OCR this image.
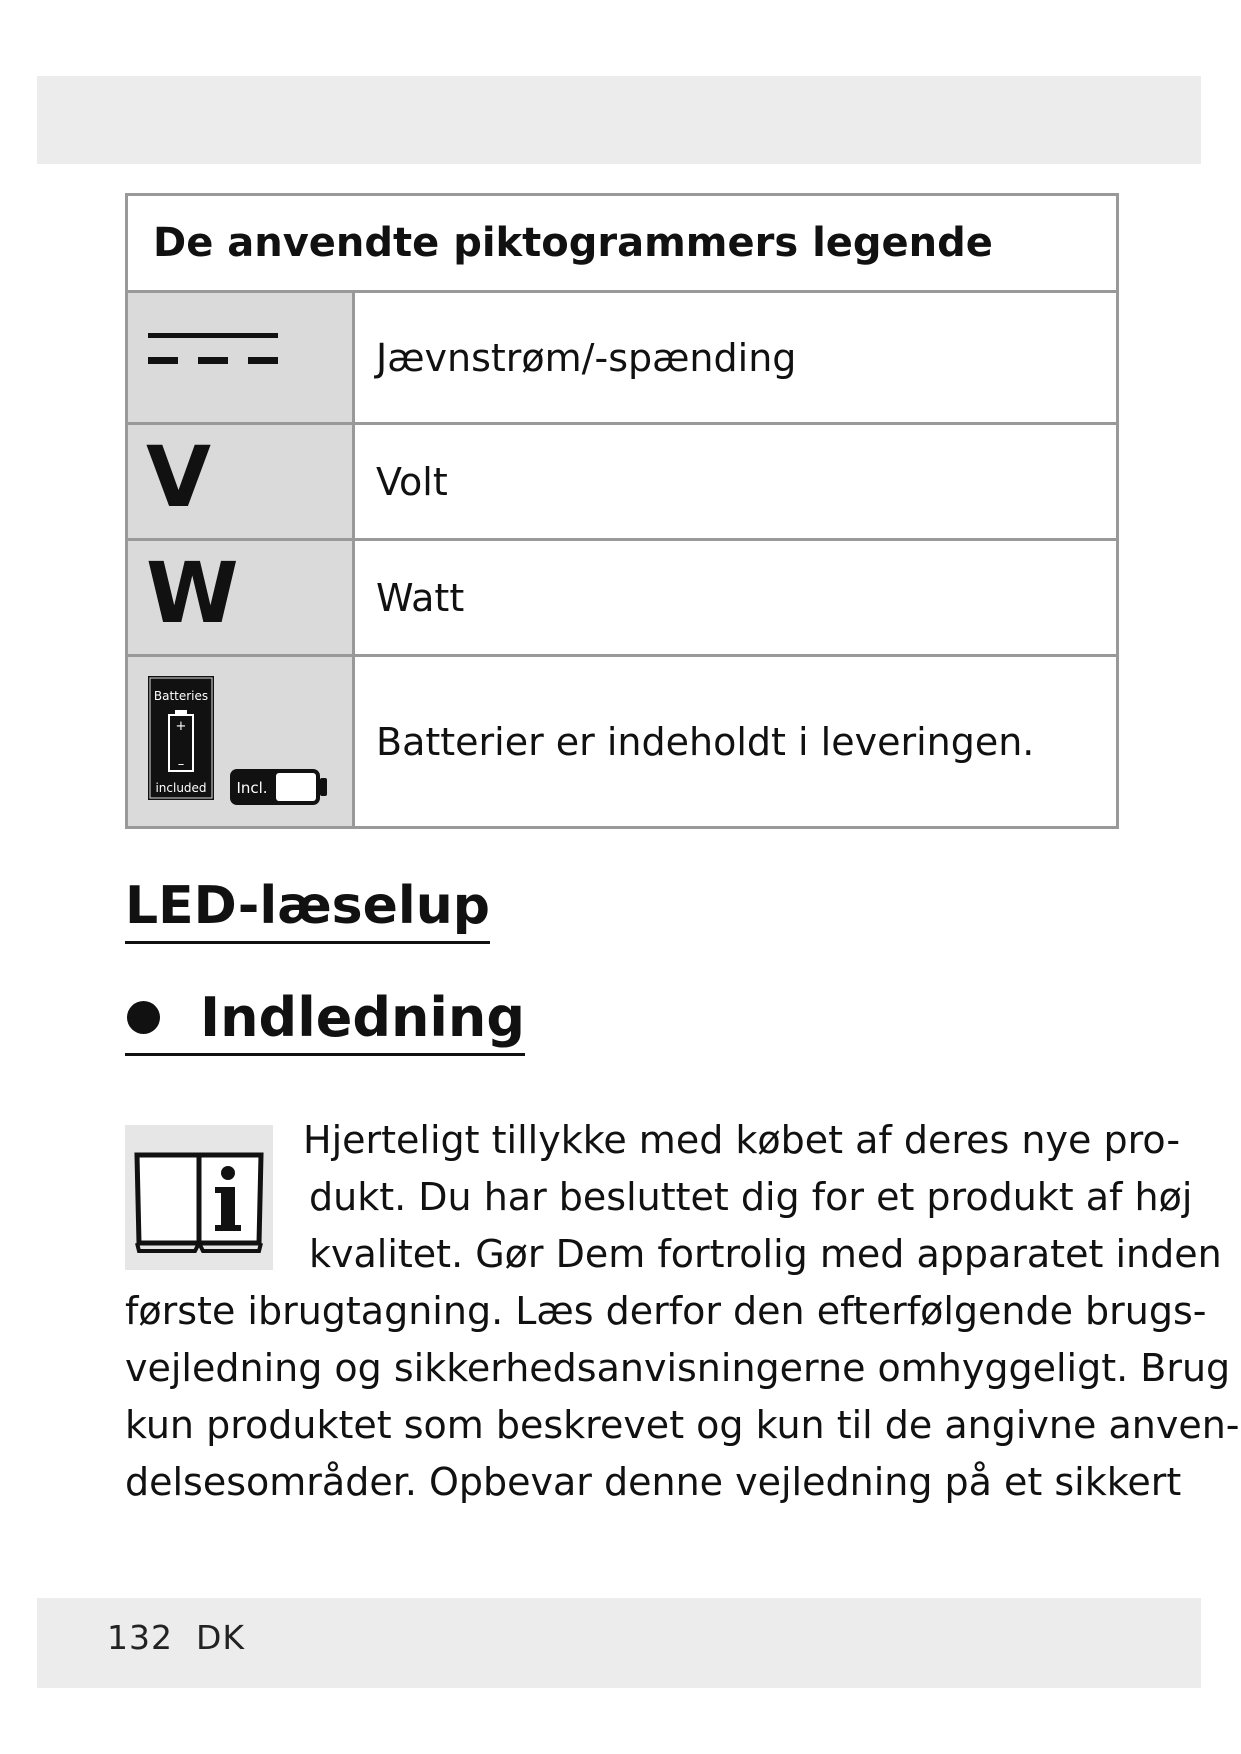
De anvendte piktogrammers legende
Jævnstrøm/-spænding
V	Volt
W	Watt
Batteries
+
–
included Incl.
Batterier er indeholdt i leveringen.
LED-læselup
Indledning
Hjerteligt tillykke med købet af deres nye pro-
dukt. Du har besluttet dig for et produkt af høj
kvalitet. Gør Dem fortrolig med apparatet inden
første ibrugtagning. Læs derfor den efterfølgende brugs-
vejledning og sikkerhedsanvisningerne omhyggeligt. Brug
kun produktet som beskrevet og kun til de angivne anven-
delsesområder. Opbevar denne vejledning på et sikkert
132  DK
